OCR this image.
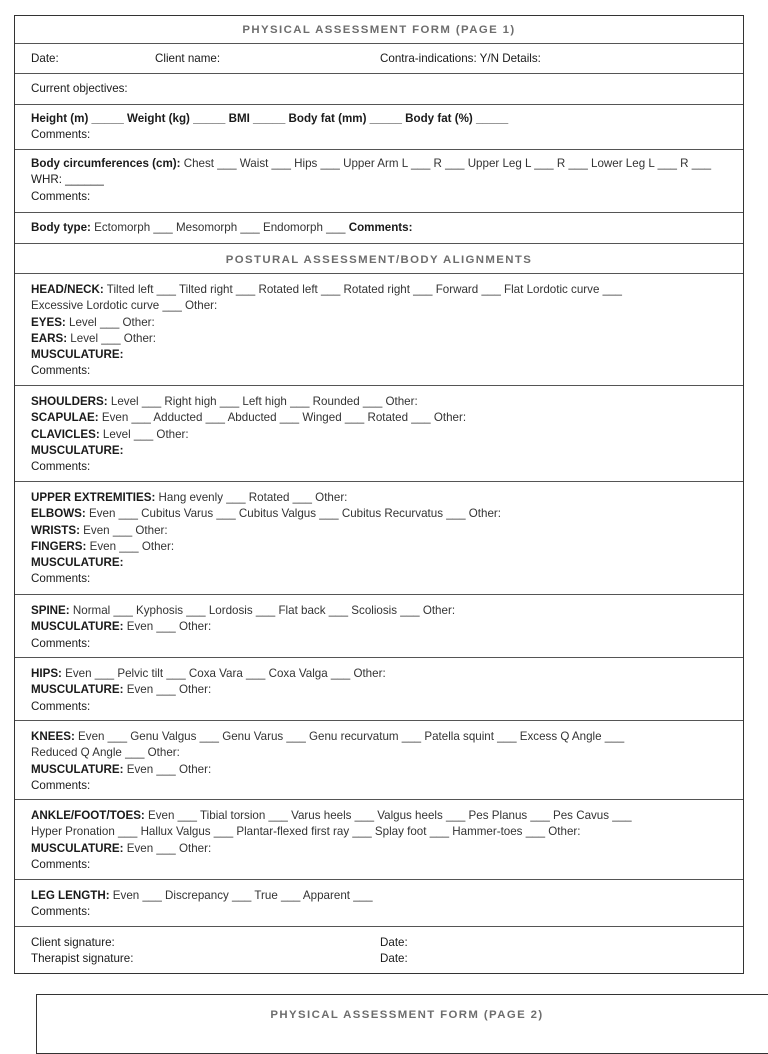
PHYSICAL ASSESSMENT FORM (PAGE 1)
Date:	Client name:	Contra-indications: Y/N Details:

Current objectives:
Height (m) _____ Weight (kg) _____ BMI _____ Body fat (mm) _____ Body fat (%) _____
Comments:
Body circumferences (cm): Chest ___ Waist ___ Hips ___ Upper Arm L ___ R ___ Upper Leg L ___ R ___ Lower Leg L ___ R ___
WHR: ______
Comments:
Body type: Ectomorph ___ Mesomorph ___ Endomorph ___ Comments:
POSTURAL ASSESSMENT/BODY ALIGNMENTS
HEAD/NECK: Tilted left ___ Tilted right ___ Rotated left ___ Rotated right ___ Forward ___ Flat Lordotic curve ___
Excessive Lordotic curve ___ Other:
EYES: Level ___ Other:
EARS: Level ___ Other:
MUSCULATURE:
Comments:
SHOULDERS: Level ___ Right high ___ Left high ___ Rounded ___ Other:
SCAPULAE: Even ___ Adducted ___ Abducted ___ Winged ___ Rotated ___ Other:
CLAVICLES: Level ___ Other:
MUSCULATURE:
Comments:
UPPER EXTREMITIES: Hang evenly ___ Rotated ___ Other:
ELBOWS: Even ___ Cubitus Varus ___ Cubitus Valgus ___ Cubitus Recurvatus ___ Other:
WRISTS: Even ___ Other:
FINGERS: Even ___ Other:
MUSCULATURE:
Comments:
SPINE: Normal ___ Kyphosis ___ Lordosis ___ Flat back ___ Scoliosis ___ Other:
MUSCULATURE: Even ___ Other:
Comments:
HIPS: Even ___ Pelvic tilt ___ Coxa Vara ___ Coxa Valga ___ Other:
MUSCULATURE: Even ___ Other:
Comments:
KNEES: Even ___ Genu Valgus ___ Genu Varus ___ Genu recurvatum ___ Patella squint ___ Excess Q Angle ___
Reduced Q Angle ___ Other:
MUSCULATURE: Even ___ Other:
Comments:
ANKLE/FOOT/TOES: Even ___ Tibial torsion ___ Varus heels ___ Valgus heels ___ Pes Planus ___ Pes Cavus ___
Hyper Pronation ___ Hallux Valgus ___ Plantar-flexed first ray ___ Splay foot ___ Hammer-toes ___ Other:
MUSCULATURE: Even ___ Other:
Comments:
LEG LENGTH: Even ___ Discrepancy ___ True ___ Apparent ___
Comments:
Client signature:
Therapist signature:
Date:
Date:
PHYSICAL ASSESSMENT FORM (PAGE 2)
